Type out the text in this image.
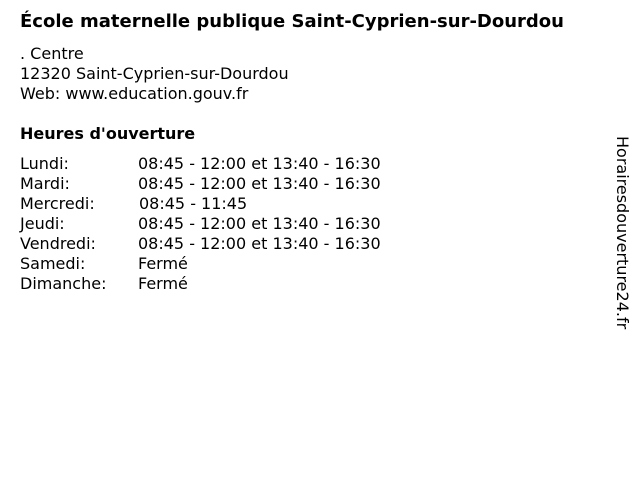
École maternelle publique Saint-Cyprien-sur-Dourdou
. Centre
12320 Saint-Cyprien-sur-Dourdou
Web: www.education.gouv.fr
Heures d'ouverture
Lundi:	08:45 - 12:00 et 13:40 - 16:30
Mardi:	08:45 - 12:00 et 13:40 - 16:30
Mercredi:	08:45 - 11:45
Jeudi:	08:45 - 12:00 et 13:40 - 16:30
Vendredi:	08:45 - 12:00 et 13:40 - 16:30
Samedi:	Fermé
Dimanche: Fermé	Horairesdouverture24.fr
